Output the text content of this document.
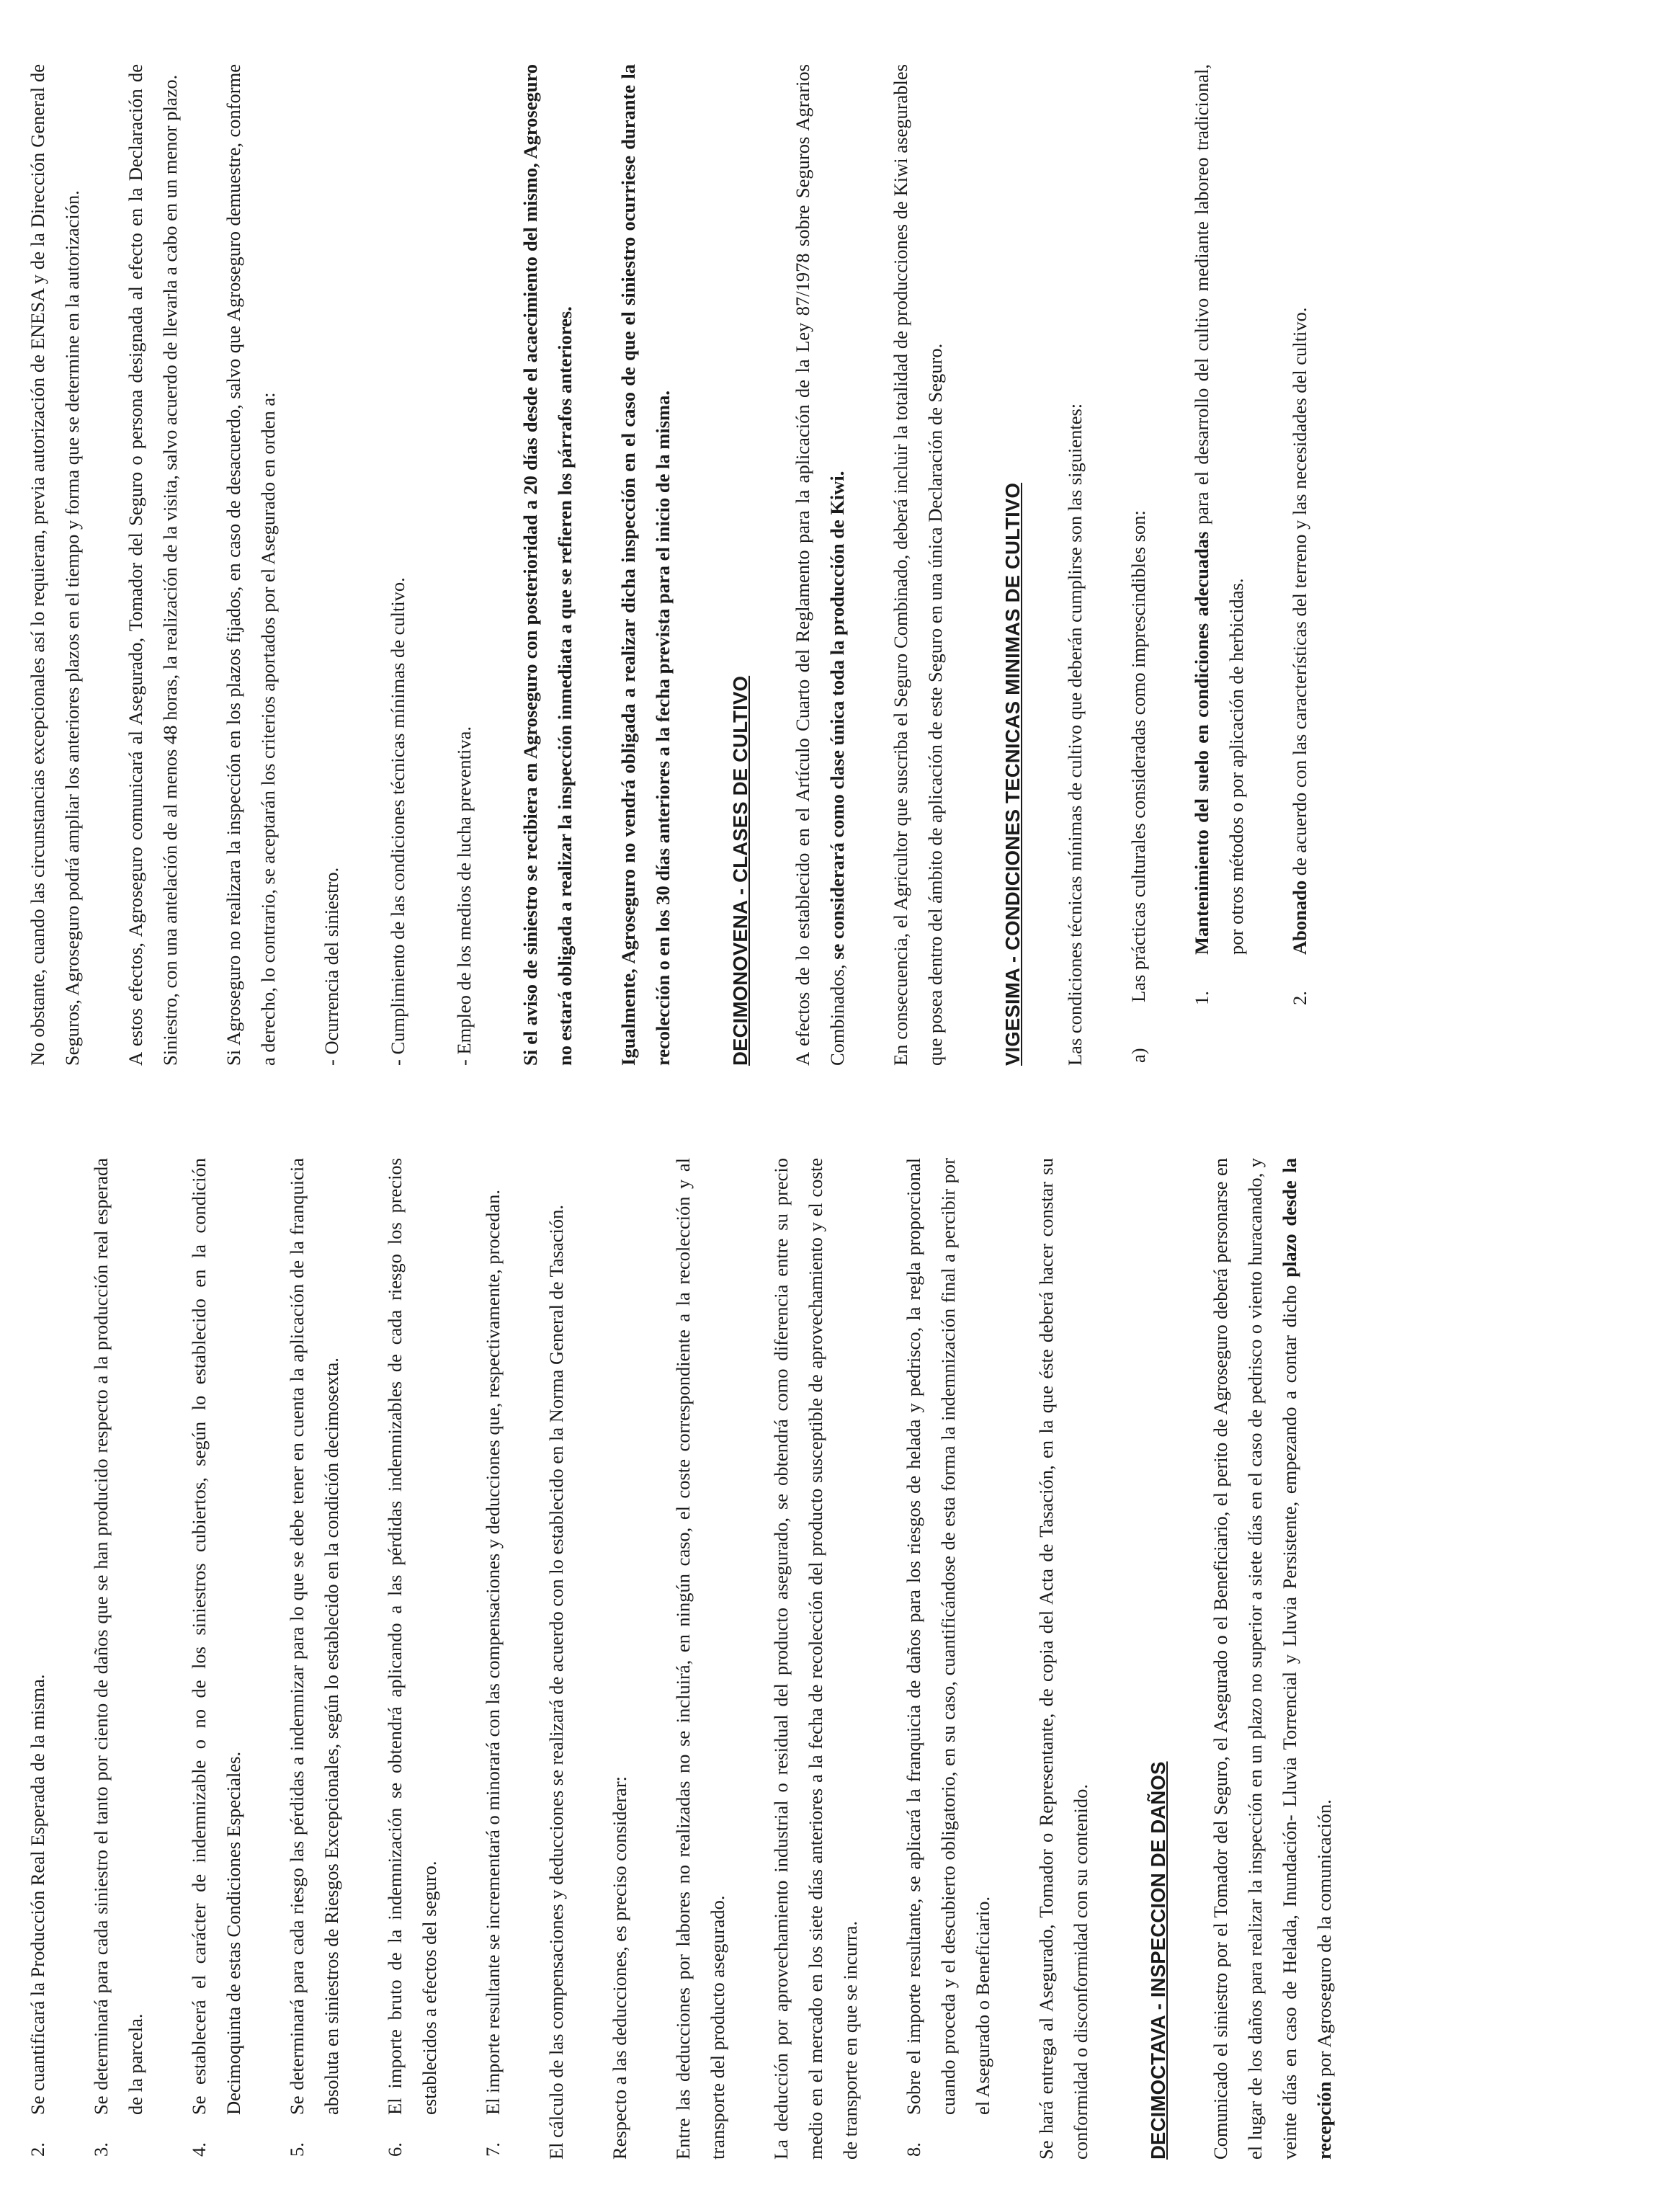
2.
Se cuantificará la Producción Real Esperada de la misma.
3.
Se determinará para cada siniestro el tanto por ciento de daños que se han producido respecto a la producción real esperada de la parcela.
4.
Se establecerá el carácter de indemnizable o no de los siniestros cubiertos, según lo establecido en la condición Decimoquinta de estas Condiciones Especiales.
5.
Se determinará para cada riesgo las pérdidas a indemnizar para lo que se debe tener en cuenta la aplicación de la franquicia absoluta en siniestros de Riesgos Excepcionales, según lo establecido en la condición decimosexta.
6.
El importe bruto de la indemnización se obtendrá aplicando a las pérdidas indemnizables de cada riesgo los precios establecidos a efectos del seguro.
7.
El importe resultante se incrementará o minorará con las compensaciones y deducciones que, respectivamente, procedan.	El cálculo de las compensaciones y deducciones se realizará de acuerdo con lo establecido en la Norma General de Tasación.	Respecto a las deducciones, es preciso considerar:	Entre las deducciones por labores no realizadas no se incluirá, en ningún caso, el coste correspondiente a la recolección y al transporte del producto asegurado.	La deducción por aprovechamiento industrial o residual del producto asegurado, se obtendrá como diferencia entre su precio medio en el mercado en los siete días anteriores a la fecha de recolección del producto susceptible de aprovechamiento y el coste de transporte en que se incurra.	8.
Sobre el importe resultante, se aplicará la franquicia de daños para los riesgos de helada y pedrisco, la regla proporcional cuando proceda y el descubierto obligatorio, en su caso, cuantificándose de esta forma la indemnización final a percibir por el Asegurado o Beneficiario.	Se hará entrega al Asegurado, Tomador o Representante, de copia del Acta de Tasación, en la que éste deberá hacer constar su conformidad o disconformidad con su contenido.	DECIMOCTAVA - INSPECCION DE DAÑOS	Comunicado el siniestro por el Tomador del Seguro, el Asegurado o el Beneficiario, el perito de Agroseguro deberá personarse en el lugar de los daños para realizar la inspección en un plazo no superior a siete días en el caso de pedrisco o viento huracanado, y veinte días en caso de Helada, Inundación- Lluvia Torrencial y Lluvia Persistente, empezando a contar dicho plazo desde la recepción por Agroseguro de la comunicación.

No obstante, cuando las circunstancias excepcionales así lo requieran, previa autorización de ENESA y de la Dirección General de Seguros, Agroseguro podrá ampliar los anteriores plazos en el tiempo y forma que se determine en la autorización.	A estos efectos, Agroseguro comunicará al Asegurado, Tomador del Seguro o persona designada al efecto en la Declaración de Siniestro, con una antelación de al menos 48 horas, la realización de la visita, salvo acuerdo de llevarla a cabo en un menor plazo.	Si Agroseguro no realizara la inspección en los plazos fijados, en caso de desacuerdo, salvo que Agroseguro demuestre, conforme a derecho, lo contrario, se aceptarán los criterios aportados por el Asegurado en orden a:	- Ocurrencia del siniestro.	- Cumplimiento de las condiciones técnicas mínimas de cultivo.	- Empleo de los medios de lucha preventiva.	Si el aviso de siniestro se recibiera en Agroseguro con posterioridad a 20 días desde el acaecimiento del mismo, Agroseguro no estará obligada a realizar la inspección inmediata a que se refieren los párrafos anteriores.	Igualmente, Agroseguro no vendrá obligada a realizar dicha inspección en el caso de que el siniestro ocurriese durante la recolección o en los 30 días anteriores a la fecha prevista para el inicio de la misma.	DECIMONOVENA - CLASES DE CULTIVO	A efectos de lo establecido en el Artículo Cuarto del Reglamento para la aplicación de la Ley 87/1978 sobre Seguros Agrarios Combinados, se considerará como clase única toda la producción de Kiwi.	En consecuencia, el Agricultor que suscriba el Seguro Combinado, deberá incluir la totalidad de producciones de Kiwi asegurables que posea dentro del ámbito de aplicación de este Seguro en una única Declaración de Seguro.	VIGESIMA - CONDICIONES TECNICAS MINIMAS DE CULTIVO	Las condiciones técnicas mínimas de cultivo que deberán cumplirse son las siguientes:	a)
Las prácticas culturales consideradas como imprescindibles son:	1.
Mantenimiento del suelo en condiciones adecuadas para el desarrollo del cultivo mediante laboreo tradicional, por otros métodos o por aplicación de herbicidas.
2.
Abonado de acuerdo con las características del terreno y las necesidades del cultivo.
